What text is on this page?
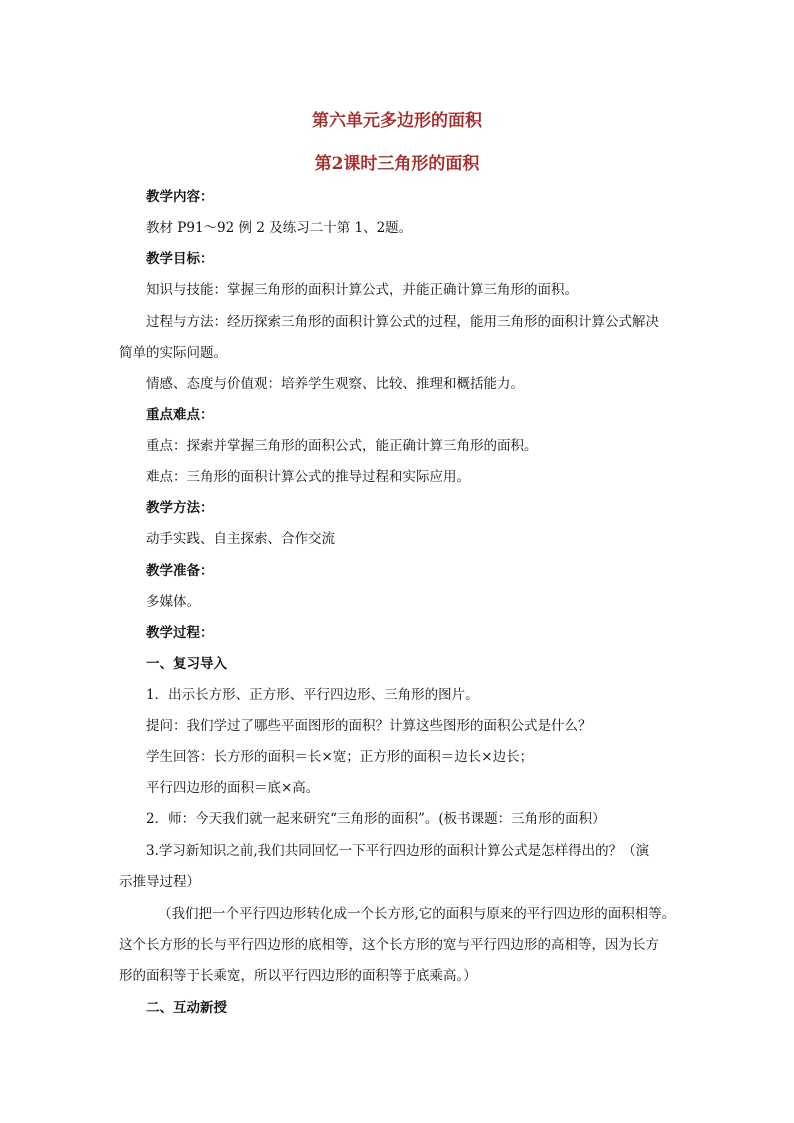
第六单元多边形的面积
第2课时三角形的面积
教学内容：
教材 P91～92 例 2 及练习二十第 1、2题。
教学目标：
知识与技能：掌握三角形的面积计算公式，并能正确计算三角形的面积。
过程与方法：经历探索三角形的面积计算公式的过程，能用三角形的面积计算公式解决
简单的实际问题。
情感、态度与价值观：培养学生观察、比较、推理和概括能力。
重点难点：
重点：探索并掌握三角形的面积公式，能正确计算三角形的面积。
难点：三角形的面积计算公式的推导过程和实际应用。
教学方法：
动手实践、自主探索、合作交流
教学准备：
多媒体。
教学过程：
一、复习导入
1．出示长方形、正方形、平行四边形、三角形的图片。
提问：我们学过了哪些平面图形的面积？计算这些图形的面积公式是什么？
学生回答：长方形的面积＝长×宽；正方形的面积＝边长×边长；
平行四边形的面积＝底×高。
2．师：今天我们就一起来研究“三角形的面积”。(板书课题：三角形的面积）
3.学习新知识之前,我们共同回忆一下平行四边形的面积计算公式是怎样得出的？（演
示推导过程）
（我们把一个平行四边形转化成一个长方形,它的面积与原来的平行四边形的面积相等。
这个长方形的长与平行四边形的底相等，这个长方形的宽与平行四边形的高相等，因为长方
形的面积等于长乘宽，所以平行四边形的面积等于底乘高。）
二、互动新授
